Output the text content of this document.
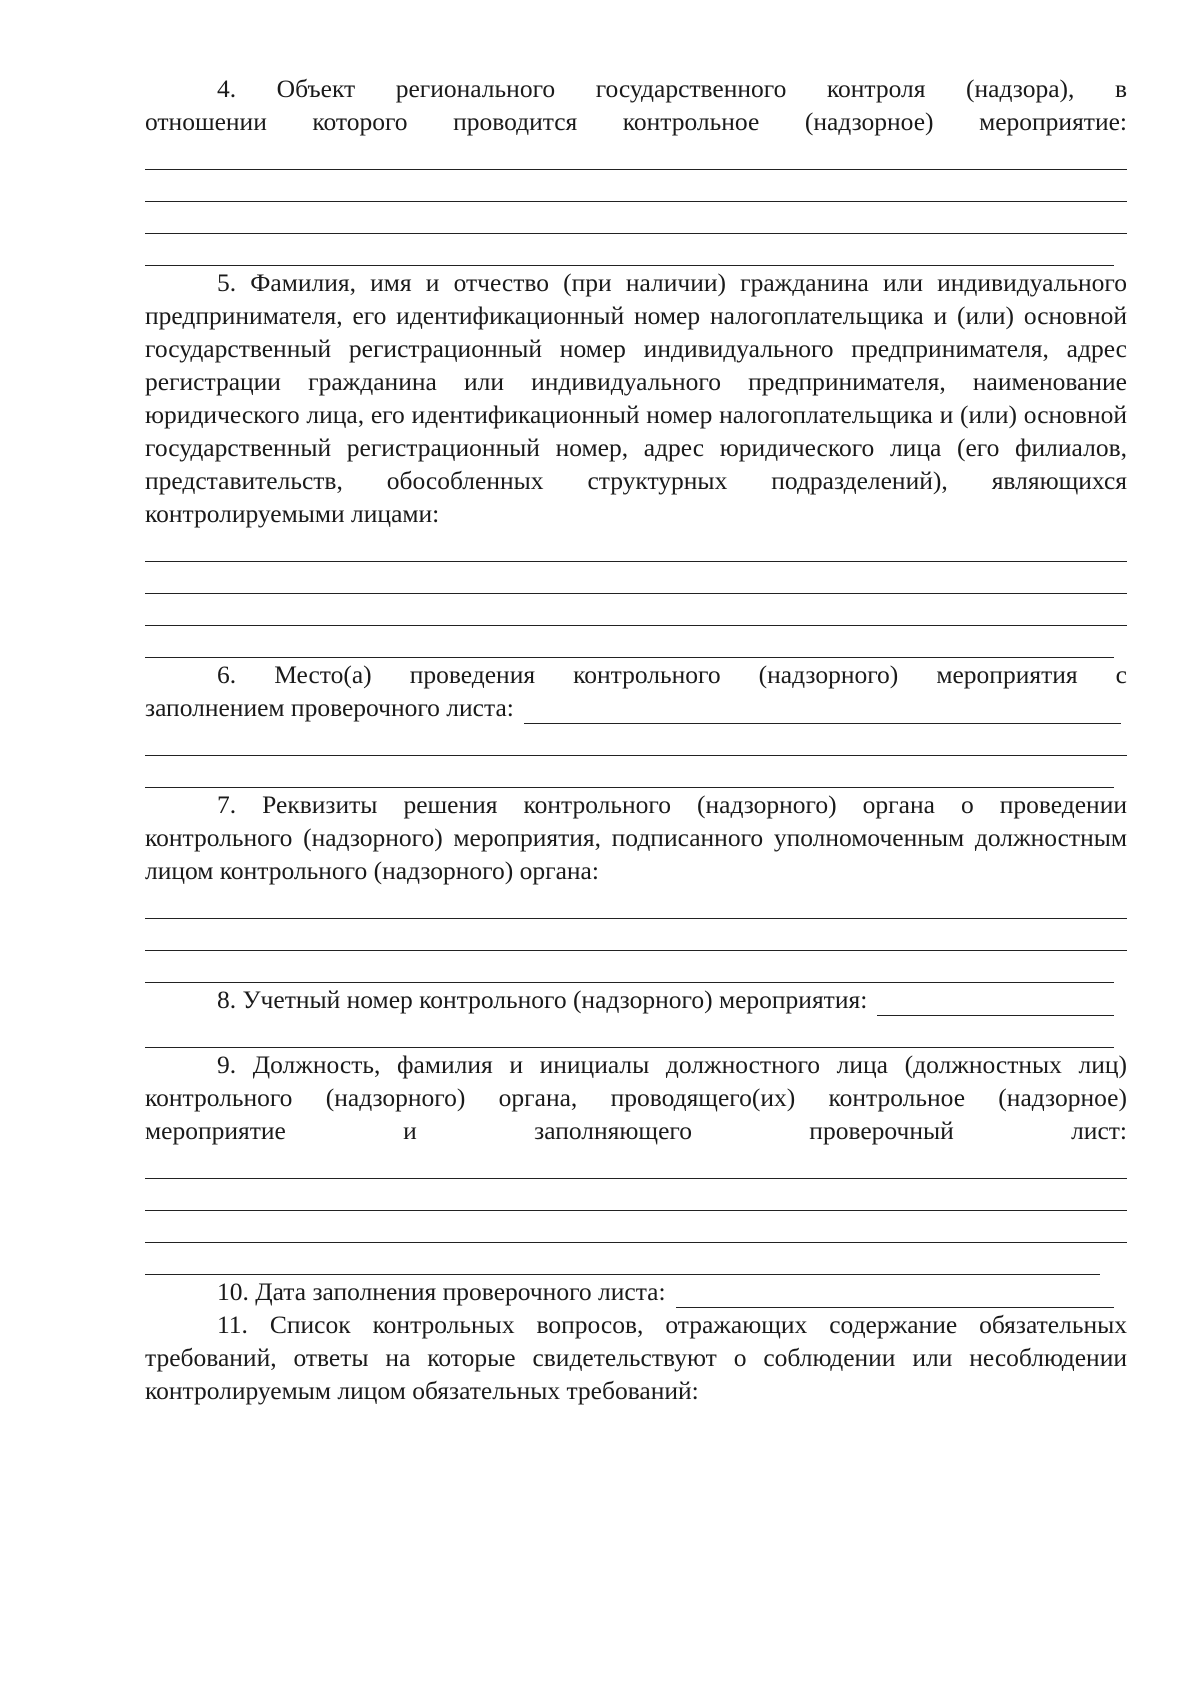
4. Объект регионального государственного контроля (надзора), в

отношении которого проводится контрольное (надзорное) мероприятие:

5. Фамилия, имя и отчество (при наличии) гражданина или индивидуального предпринимателя, его идентификационный номер налогоплательщика и (или) основной государственный регистрационный номер индивидуального предпринимателя, адрес регистрации гражданина или индивидуального предпринимателя, наименование юридического лица, его идентификационный номер налогоплательщика и (или) основной государственный регистрационный номер, адрес юридического лица (его филиалов, представительств, обособленных структурных подразделений), являющихся контролируемыми лицами:

6. Место(а) проведения контрольного (надзорного) мероприятия с

заполнением проверочного листа:

7. Реквизиты решения контрольного (надзорного) органа о проведении контрольного (надзорного) мероприятия, подписанного уполномоченным должностным лицом контрольного (надзорного) органа:

8. Учетный номер контрольного (надзорного) мероприятия:

9. Должность, фамилия и инициалы должностного лица (должностных лиц) контрольного (надзорного) органа, проводящего(их) контрольное (надзорное) мероприятие и заполняющего проверочный лист:

10. Дата заполнения проверочного листа:

11. Список контрольных вопросов, отражающих содержание обязательных требований, ответы на которые свидетельствуют о соблюдении или несоблюдении контролируемым лицом обязательных требований:
